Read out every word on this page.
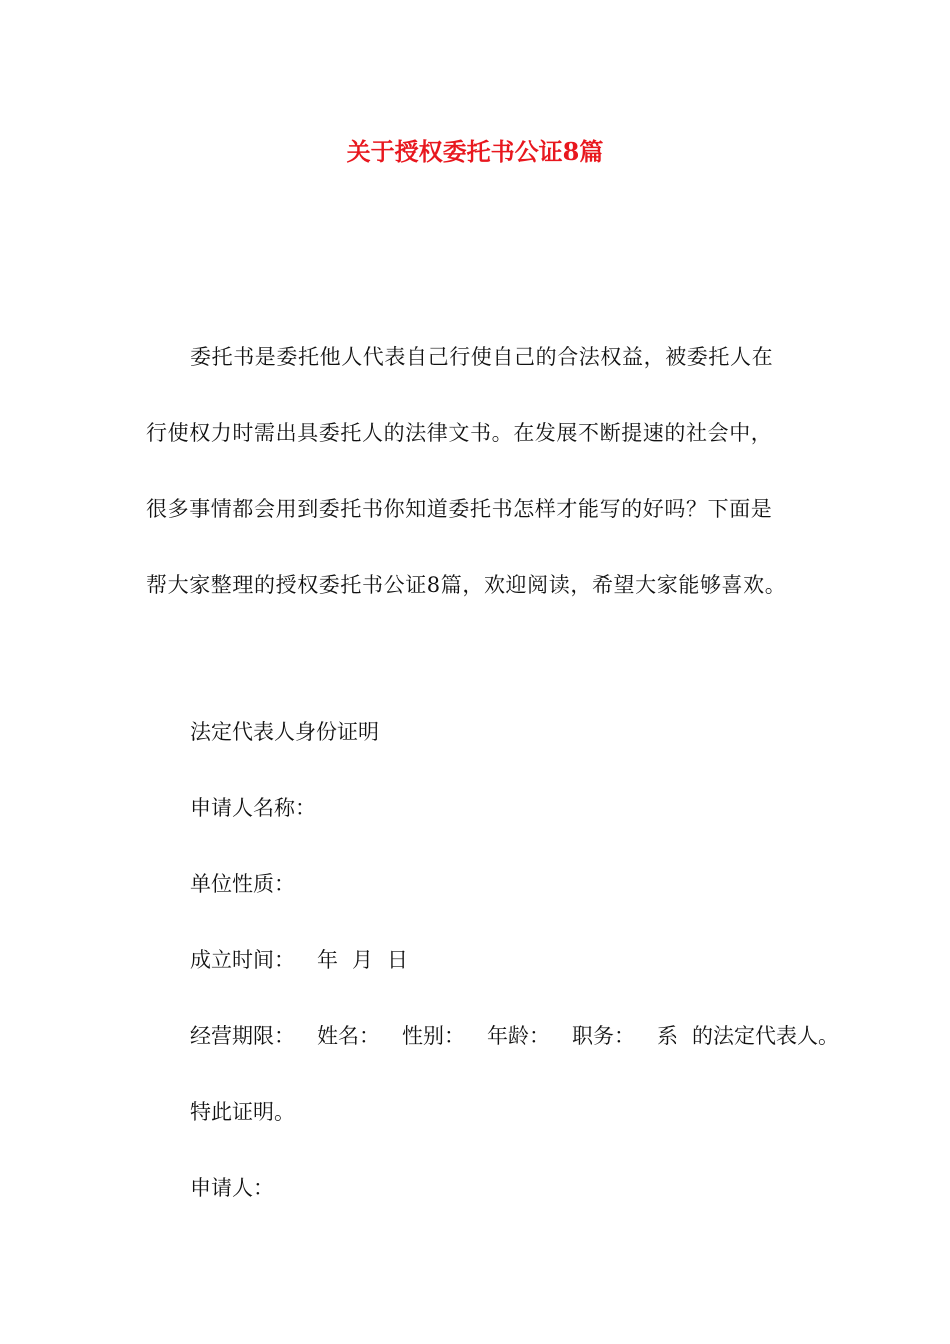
关于授权委托书公证8篇
委托书是委托他人代表自己行使自己的合法权益，被委托人在
行使权力时需出具委托人的法律文书。在发展不断提速的社会中，
很多事情都会用到委托书你知道委托书怎样才能写的好吗？下面是
帮大家整理的授权委托书公证8篇，欢迎阅读，希望大家能够喜欢。
法定代表人身份证明
申请人名称：
单位性质：
成立时间： 年 月 日
经营期限： 姓名： 性别： 年龄： 职务： 系 的法定代表人。
特此证明。
申请人：
